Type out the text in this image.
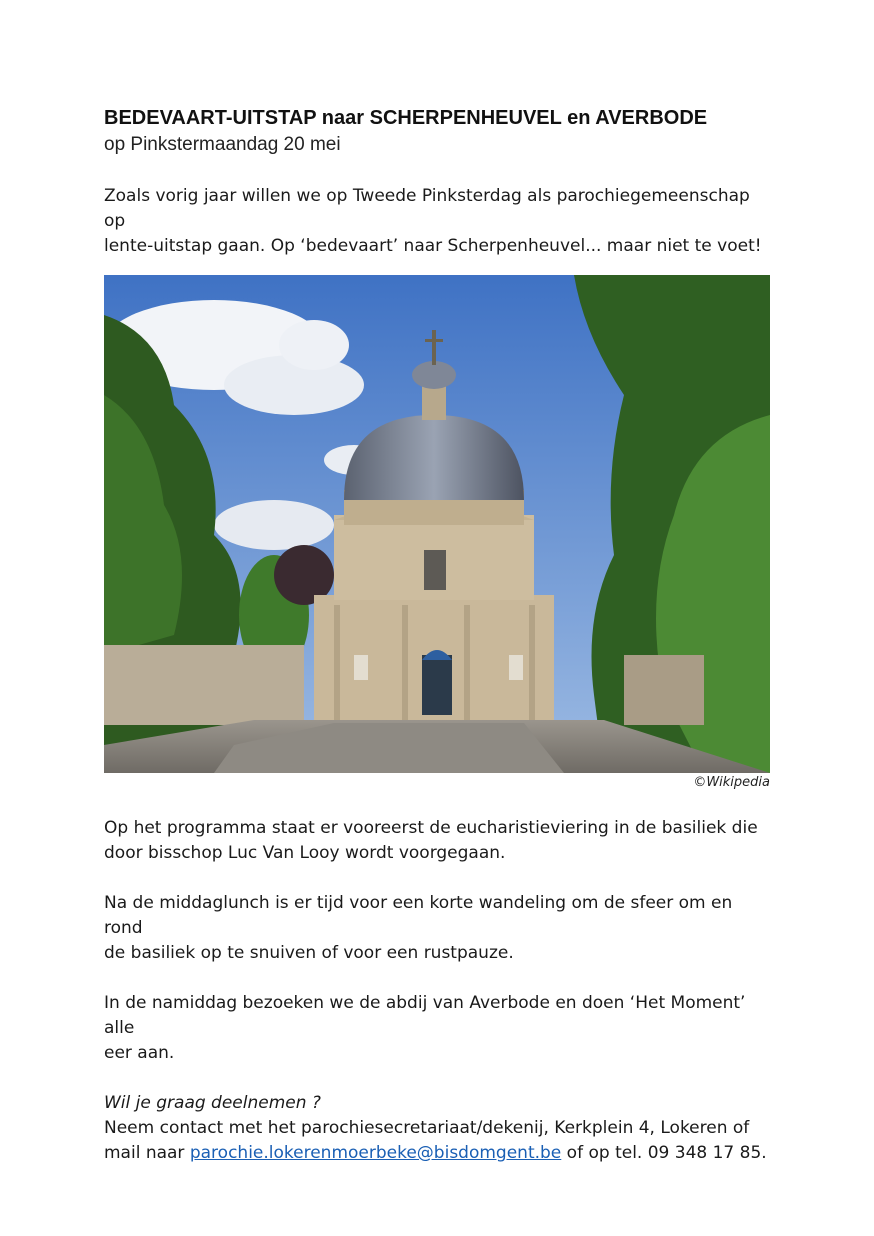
BEDEVAART-UITSTAP naar SCHERPENHEUVEL en AVERBODE
op Pinkstermaandag 20 mei

Zoals vorig jaar willen we op Tweede Pinksterdag als parochiegemeenschap op
lente-uitstap gaan. Op ‘bedevaart’ naar Scherpenheuvel... maar niet te voet!

©Wikipedia

Op het programma staat er vooreerst de eucharistieviering in de basiliek die
door bisschop Luc Van Looy wordt voorgegaan.

Na de middaglunch is er tijd voor een korte wandeling om de sfeer om en rond
de basiliek op te snuiven of voor een rustpauze.

In de namiddag bezoeken we de abdij van Averbode en doen ‘Het Moment’ alle
eer aan.

Wil je graag deelnemen ?
Neem contact met het parochiesecretariaat/dekenij, Kerkplein 4, Lokeren of
mail naar parochie.lokerenmoerbeke@bisdomgent.be of op tel. 09 348 17 85.
